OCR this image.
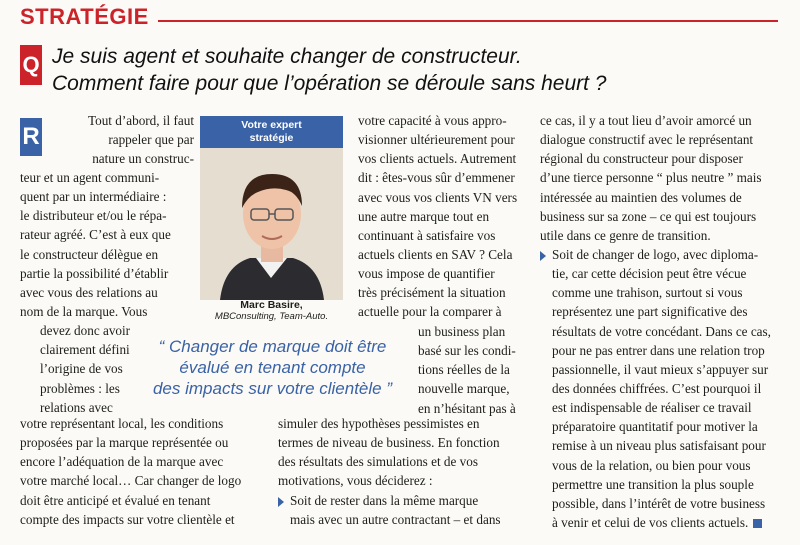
STRATÉGIE
Q Je suis agent et souhaite changer de constructeur.
Comment faire pour que l’opération se déroule sans heurt ?
R
Tout d’abord, il faut
rappeler que par
nature un construc-
teur et un agent communi-
quent par un intermédiaire :
le distributeur et/ou le répa-
rateur agréé. C’est à eux que
le constructeur délègue en
partie la possibilité d’établir
avec vous des relations au
nom de la marque. Vous
devez donc avoir
clairement défini
l’origine de vos
problèmes : les
relations avec
votre représentant local, les conditions
proposées par la marque représentée ou
encore l’adéquation de la marque avec
votre marché local… Car changer de logo
doit être anticipé et évalué en tenant
compte des impacts sur votre clientèle et
Votre expert
stratégie
Marc Basire,
MBConsulting, Team-Auto.
“ Changer de marque doit être
évalué en tenant compte
des impacts sur votre clientèle ”
votre capacité à vous appro-
visionner ultérieurement pour
vos clients actuels. Autrement
dit : êtes-vous sûr d’emmener
avec vous vos clients VN vers
une autre marque tout en
continuant à satisfaire vos
actuels clients en SAV ? Cela
vous impose de quantifier
très précisément la situation
actuelle pour la comparer à
un business plan
basé sur les condi-
tions réelles de la
nouvelle marque,
en n’hésitant pas à
simuler des hypothèses pessimistes en
termes de niveau de business. En fonction
des résultats des simulations et de vos
motivations, vous déciderez :
Soit de rester dans la même marque
mais avec un autre contractant – et dans
ce cas, il y a tout lieu d’avoir amorcé un
dialogue constructif avec le représentant
régional du constructeur pour disposer
d’une tierce personne “ plus neutre ” mais
intéressée au maintien des volumes de
business sur sa zone – ce qui est toujours
utile dans ce genre de transition.
Soit de changer de logo, avec diploma-
tie, car cette décision peut être vécue
comme une trahison, surtout si vous
représentez une part significative des
résultats de votre concédant. Dans ce cas,
pour ne pas entrer dans une relation trop
passionnelle, il vaut mieux s’appuyer sur
des données chiffrées. C’est pourquoi il
est indispensable de réaliser ce travail
préparatoire quantitatif pour motiver la
remise à un niveau plus satisfaisant pour
vous de la relation, ou bien pour vous
permettre une transition la plus souple
possible, dans l’intérêt de votre business
à venir et celui de vos clients actuels.
